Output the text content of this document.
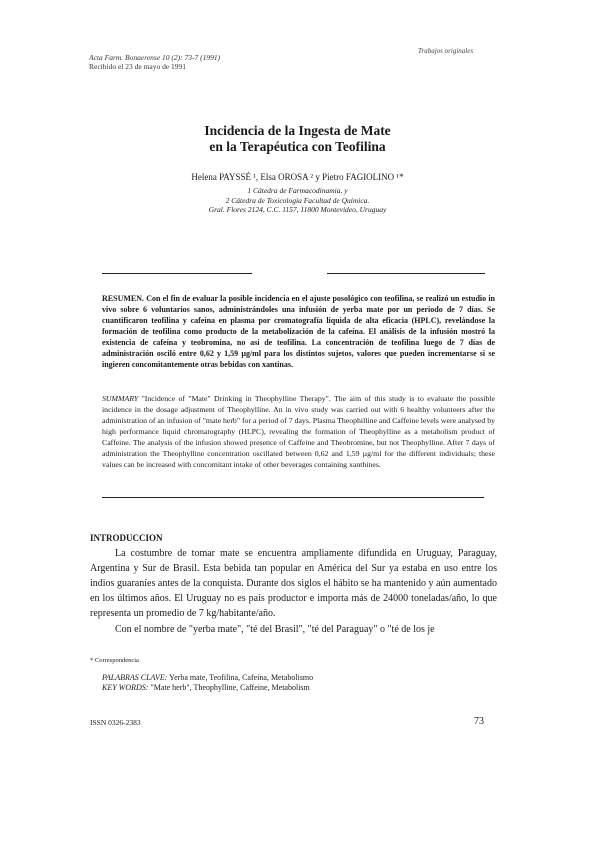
Acta Farm. Bonaerense 10 (2): 73-7 (1991)
Recibido el 23 de mayo de 1991
Trabajos originales
Incidencia de la Ingesta de Mate
en la Terapéutica con Teofilina
Helena PAYSSÉ ¹, Elsa OROSA ² y Pietro FAGIOLINO ¹*
1 Cátedra de Farmacodinamia, y
2 Cátedra de Toxicología Facultad de Química.
Gral. Flores 2124, C.C. 1157, 11800 Montevideo, Uruguay
RESUMEN. Con el fin de evaluar la posible incidencia en el ajuste posológico con teofilina, se realizó un estudio in vivo sobre 6 voluntarios sanos, administrándoles una infusión de yerba mate por un período de 7 días. Se cuantificaron teofilina y cafeína en plasma por cromatografía líquida de alta eficacia (HPLC), revelándose la formación de teofilina como producto de la metabolización de la cafeína. El análisis de la infusión mostró la existencia de cafeína y teobromina, no así de teofilina. La concentración de teofilina luego de 7 días de administración osciló entre 0,62 y 1,59 µg/ml para los distintos sujetos, valores que pueden incrementarse si se ingieren concomitantemente otras bebidas con xantinas.
SUMMARY "Incidence of "Mate" Drinking in Theophylline Therapy". The aim of this study is to evaluate the possible incidence in the dosage adjustment of Theophylline. An in vivo study was carried out with 6 healthy volunteers after the administration of an infusion of "mate herb" for a period of 7 days. Plasma Theophilline and Caffeine levels were analysed by high performance liquid chromatography (HLPC), revealing the formation of Theophylline as a metabolism product of Caffeine. The analysis of the infusion showed presence of Caffeine and Theobromine, but not Theophylline. After 7 days of administration the Theophylline concentration oscillated between 0,62 and 1,59 µg/ml for the different individuals; these values can be increased with concomitant intake of other beverages containing xanthines.
INTRODUCCION
La costumbre de tomar mate se encuentra ampliamente difundida en Uruguay, Paraguay, Argentina y Sur de Brasil. Esta bebida tan popular en América del Sur ya estaba en uso entre los indios guaraníes antes de la conquista. Durante dos siglos el hábito se ha mantenido y aún aumentado en los últimos años. El Uruguay no es país productor e importa más de 24000 toneladas/año, lo que representa un promedio de 7 kg/habitante/año.
Con el nombre de "yerba mate", "té del Brasil", "té del Paraguay" o "té de los je
* Correspondencia
PALABRAS CLAVE: Yerba mate, Teofilina, Cafeína, Metabolismo
KEY WORDS: "Mate herb", Theophylline, Caffeine, Metabolism
ISSN 0326-2383	73
